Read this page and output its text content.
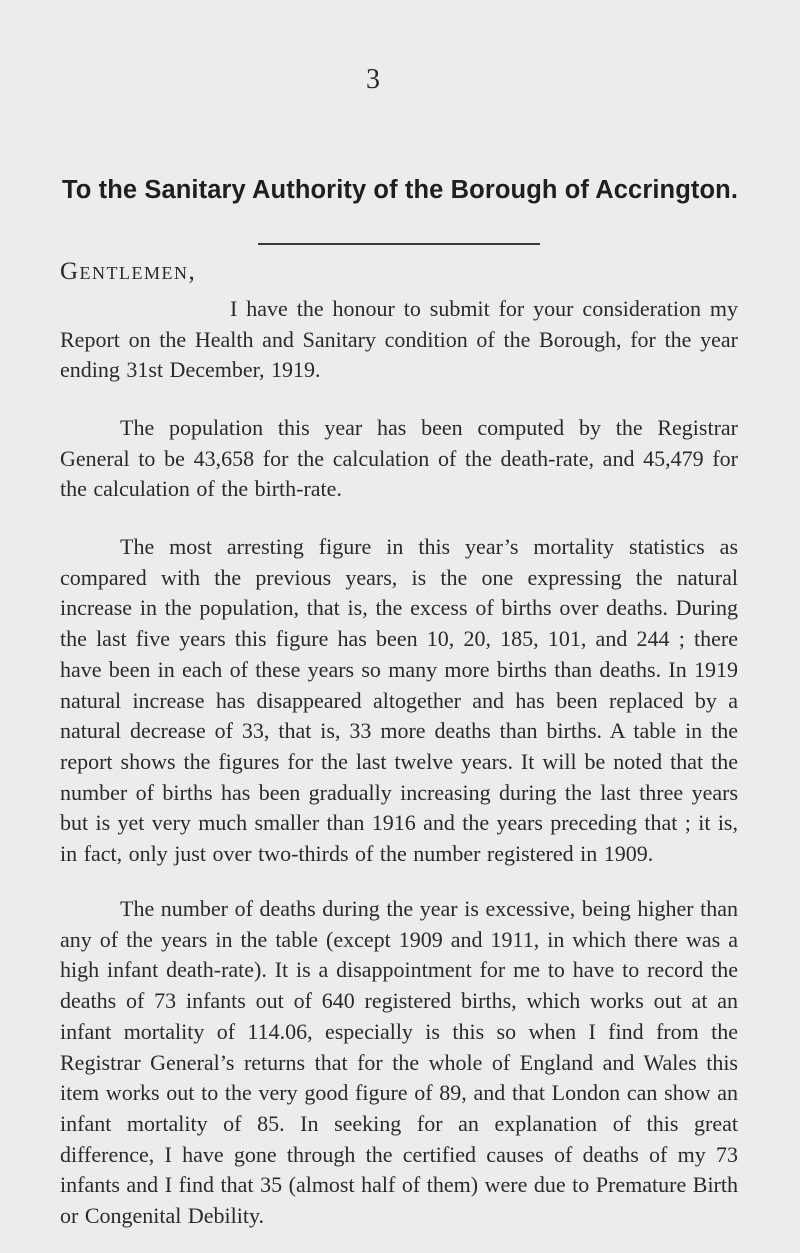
3
To the Sanitary Authority of the Borough of Accrington.
Gentlemen,

I have the honour to submit for your consideration my Report on the Health and Sanitary condition of the Borough, for the year ending 31st December, 1919.

The population this year has been computed by the Registrar General to be 43,658 for the calculation of the death-rate, and 45,479 for the calculation of the birth-rate.

The most arresting figure in this year’s mortality statistics as compared with the previous years, is the one expressing the natural increase in the population, that is, the excess of births over deaths. During the last five years this figure has been 10, 20, 185, 101, and 244 ; there have been in each of these years so many more births than deaths. In 1919 natural increase has disappeared altogether and has been replaced by a natural decrease of 33, that is, 33 more deaths than births. A table in the report shows the figures for the last twelve years. It will be noted that the number of births has been gradually increasing during the last three years but is yet very much smaller than 1916 and the years preceding that ; it is, in fact, only just over two-thirds of the number registered in 1909.

The number of deaths during the year is excessive, being higher than any of the years in the table (except 1909 and 1911, in which there was a high infant death-rate). It is a disappointment for me to have to record the deaths of 73 infants out of 640 registered births, which works out at an infant mortality of 114.06, especially is this so when I find from the Registrar General’s returns that for the whole of England and Wales this item works out to the very good figure of 89, and that London can show an infant mortality of 85. In seeking for an explanation of this great difference, I have gone through the certified causes of deaths of my 73 infants and I find that 35 (almost half of them) were due to Premature Birth or Congenital Debility.
